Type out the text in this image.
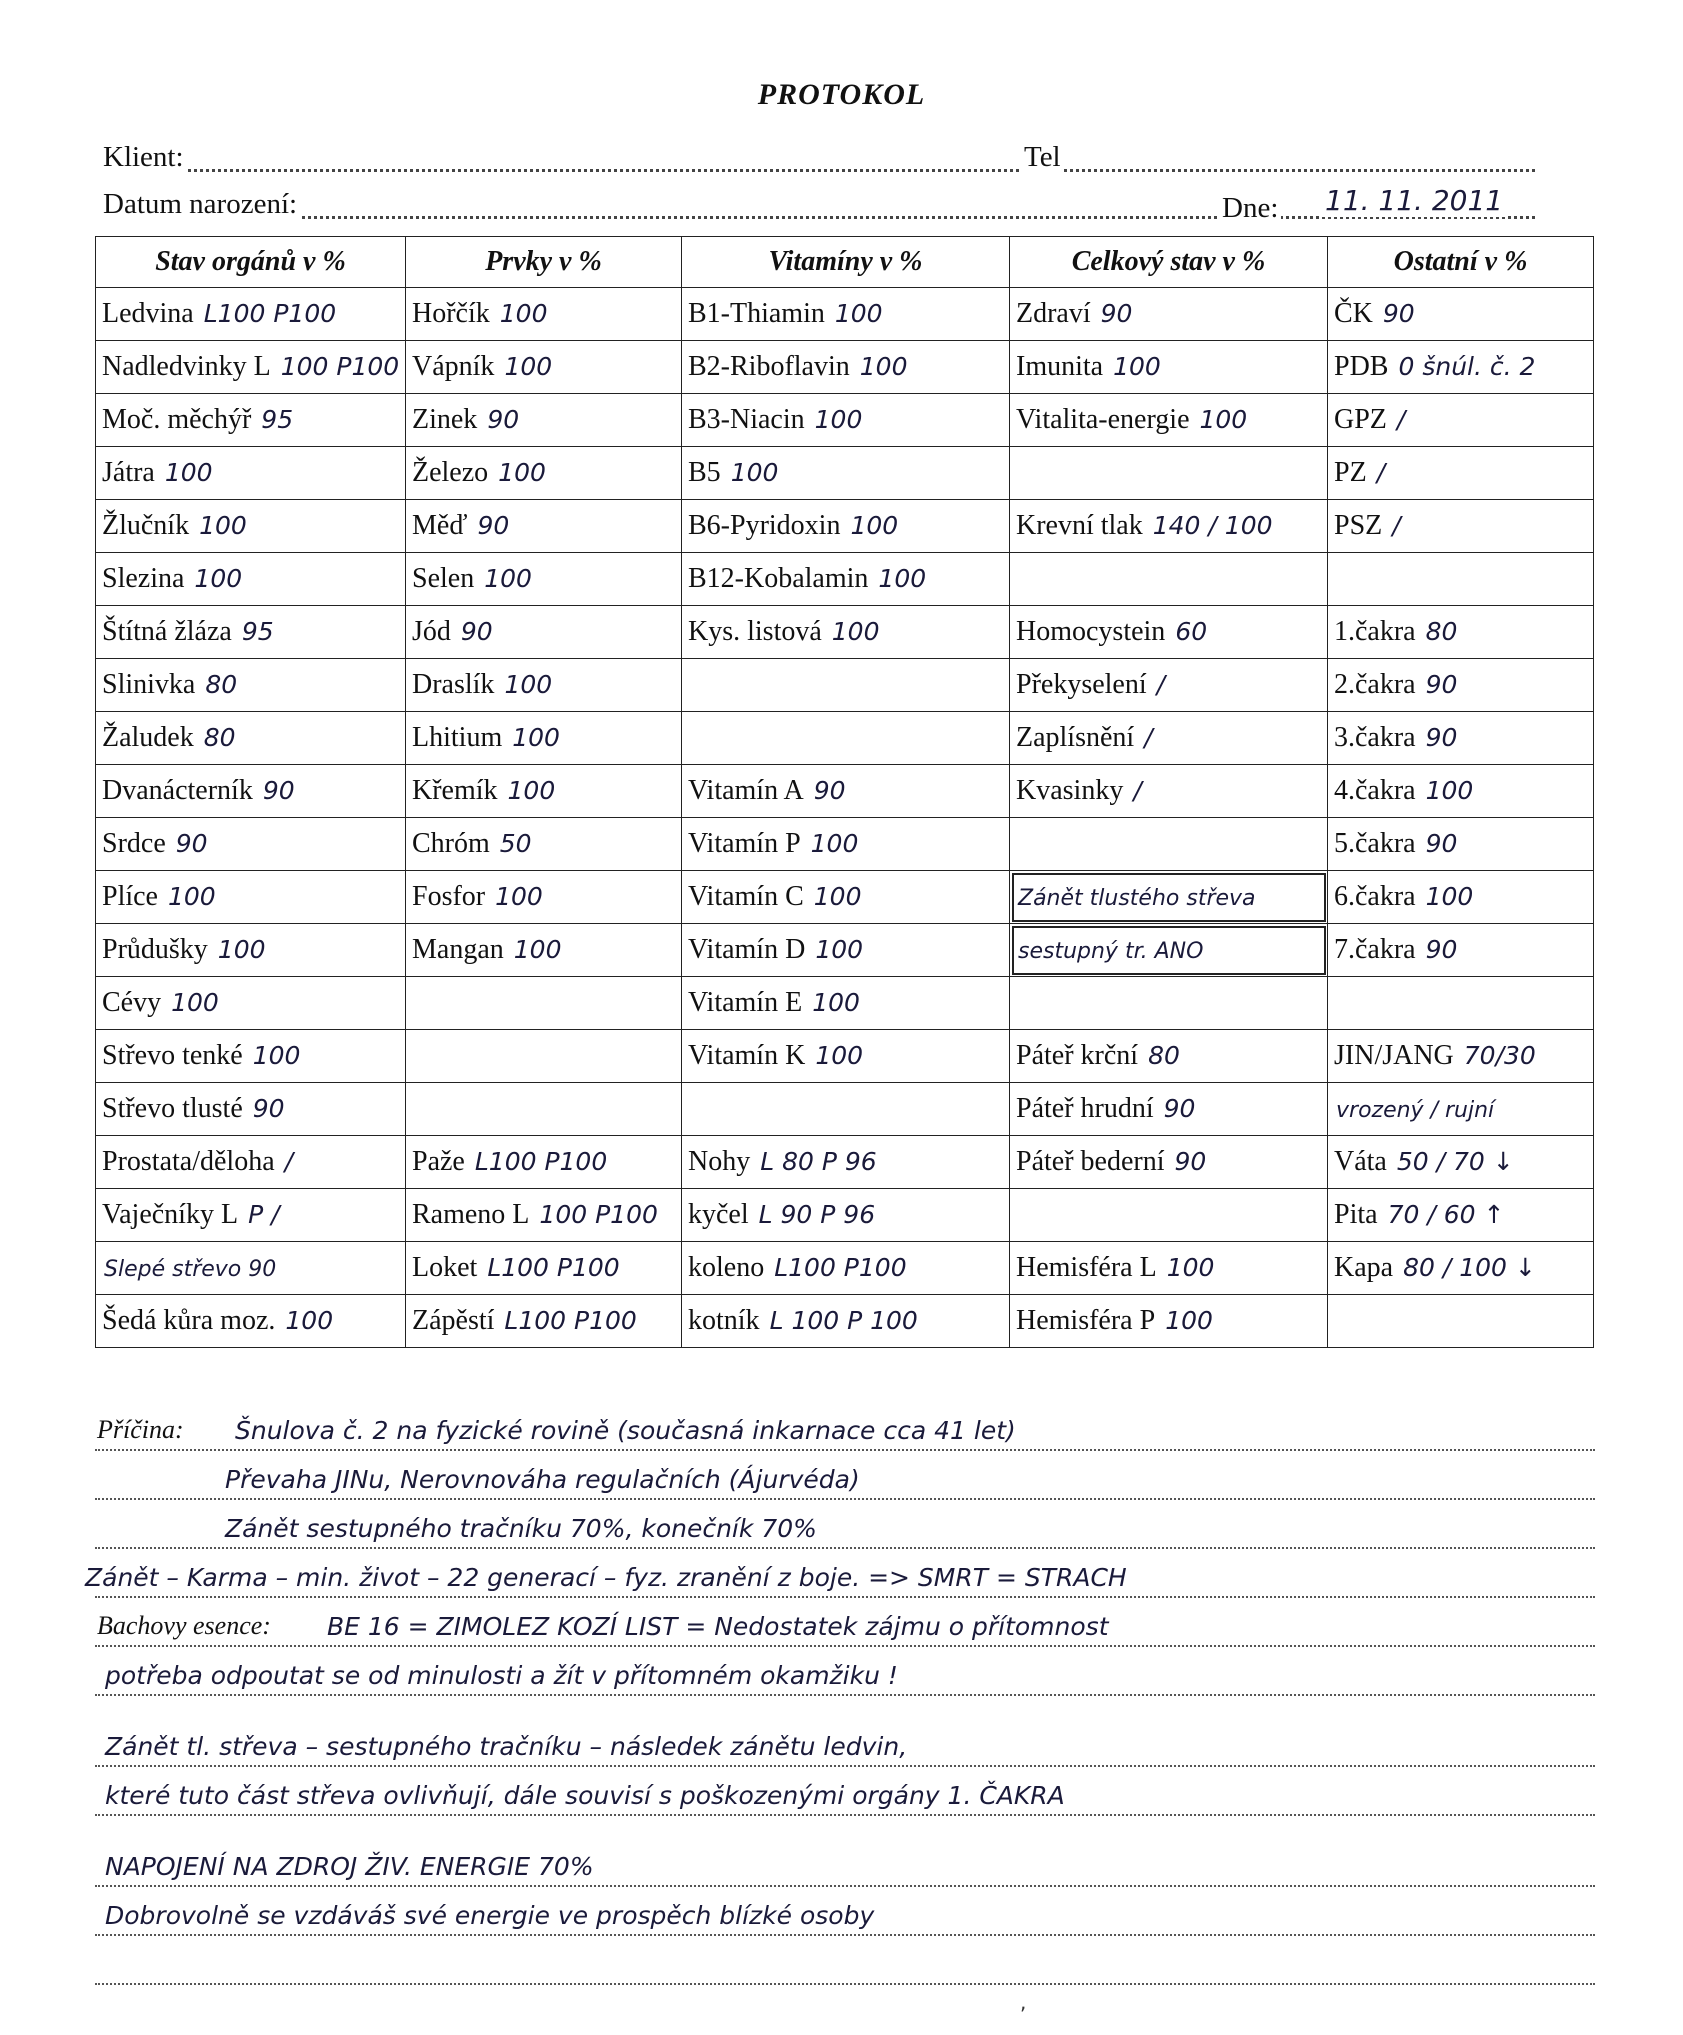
PROTOKOL
Klient:	Tel
Datum narození:	Dne: 11. 11. 2011
Stav orgánů v %	Prvky v %	Vitamíny v %	Celkový stav v %	Ostatní v %
Ledvina L100 P100	Hořčík 100	B1-Thiamin 100	Zdraví 90	ČK 90
Nadledvinky L 100 P100	Vápník 100	B2-Riboflavin 100	Imunita 100	PDB 0 šnúl. č. 2
Moč. měchýř 95	Zinek 90	B3-Niacin 100	Vitalita-energie 100	GPZ /
Játra 100	Železo 100	B5 100		PZ /
Žlučník 100	Měď 90	B6-Pyridoxin 100	Krevní tlak 140 / 100	PSZ /
Slezina 100	Selen 100	B12-Kobalamin 100		
Štítná žláza 95	Jód 90	Kys. listová 100	Homocystein 60	1.čakra 80
Slinivka 80	Draslík 100		Překyselení /	2.čakra 90
Žaludek 80	Lhitium 100		Zaplísnění /	3.čakra 90
Dvanácterník 90	Křemík 100	Vitamín A 90	Kvasinky /	4.čakra 100
Srdce 90	Chróm 50	Vitamín P 100		5.čakra 90
Plíce 100	Fosfor 100	Vitamín C 100	Zánět tlustého střeva	6.čakra 100
Průdušky 100	Mangan 100	Vitamín D 100	sestupný tr. ANO	7.čakra 90
Cévy 100		Vitamín E 100		
Střevo tenké 100		Vitamín K 100	Páteř krční 80	JIN/JANG 70/30
Střevo tlusté 90			Páteř hrudní 90	vrozený / rujní
Prostata/děloha /	Paže L100 P100	Nohy L 80 P 96	Páteř bederní 90	Váta 50 / 70 ↓
Vaječníky L P /	Rameno L 100 P100	kyčel L 90 P 96		Pita 70 / 60 ↑
Slepé střevo 90	Loket L100 P100	koleno L100 P100	Hemisféra L 100	Kapa 80 / 100 ↓
Šedá kůra moz. 100	Zápěstí L100 P100	kotník L 100 P 100	Hemisféra P 100	
Příčina: Šnulova č. 2 na fyzické rovině (současná inkarnace cca 41 let)
Převaha JINu, Nerovnováha regulačních (Ájurvéda)
Zánět sestupného tračníku 70%, konečník 70%
Zánět – Karma – min. život – 22 generací – fyz. zranění z boje. => SMRT = STRACH
Bachovy esence: BE 16 = ZIMOLEZ KOZÍ LIST = Nedostatek zájmu o přítomnost
potřeba odpoutat se od minulosti a žít v přítomném okamžiku !
Zánět tl. střeva – sestupného tračníku – následek zánětu ledvin,
které tuto část střeva ovlivňují, dále souvisí s poškozenými orgány 1. ČAKRA
NAPOJENÍ NA ZDROJ ŽIV. ENERGIE 70%
Dobrovolně se vzdáváš své energie ve prospěch blízké osoby
,
